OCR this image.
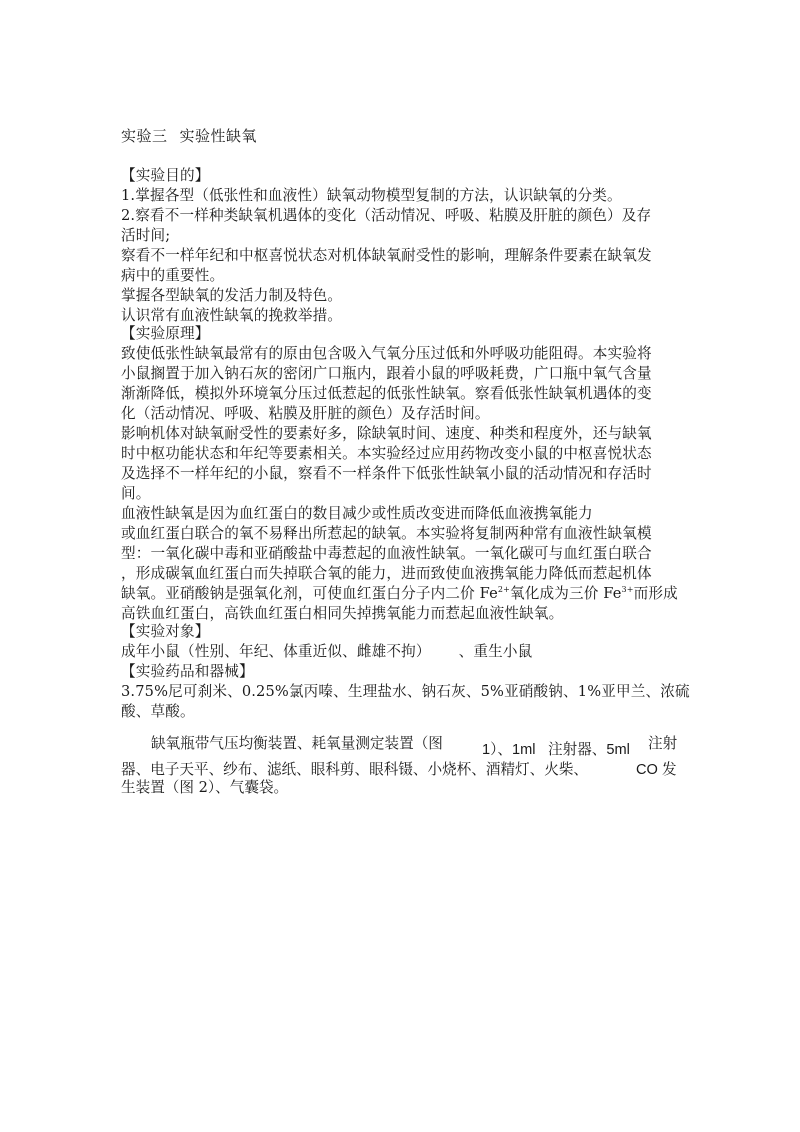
实验三 实验性缺氧
【实验目的】
1.掌握各型（低张性和血液性）缺氧动物模型复制的方法，认识缺氧的分类。
2.察看不一样种类缺氧机遇体的变化（活动情况、呼吸、粘膜及肝脏的颜色）及存
活时间;
察看不一样年纪和中枢喜悦状态对机体缺氧耐受性的影响，理解条件要素在缺氧发
病中的重要性。
掌握各型缺氧的发活力制及特色。
认识常有血液性缺氧的挽救举措。
【实验原理】
致使低张性缺氧最常有的原由包含吸入气氧分压过低和外呼吸功能阻碍。本实验将
小鼠搁置于加入钠石灰的密闭广口瓶内，跟着小鼠的呼吸耗费，广口瓶中氧气含量
渐渐降低，模拟外环境氧分压过低惹起的低张性缺氧。察看低张性缺氧机遇体的变
化（活动情况、呼吸、粘膜及肝脏的颜色）及存活时间。
影响机体对缺氧耐受性的要素好多，除缺氧时间、速度、种类和程度外，还与缺氧
时中枢功能状态和年纪等要素相关。本实验经过应用药物改变小鼠的中枢喜悦状态
及选择不一样年纪的小鼠，察看不一样条件下低张性缺氧小鼠的活动情况和存活时
间。
血液性缺氧是因为血红蛋白的数目减少或性质改变进而降低血液携氧能力
或血红蛋白联合的氧不易释出所惹起的缺氧。本实验将复制两种常有血液性缺氧模
型：一氧化碳中毒和亚硝酸盐中毒惹起的血液性缺氧。一氧化碳可与血红蛋白联合
，形成碳氧血红蛋白而失掉联合氧的能力，进而致使血液携氧能力降低而惹起机体
缺氧。亚硝酸钠是强氧化剂，可使血红蛋白分子内二价 $Fe^{2+}$氧化成为三价 $Fe^{3+}$而形成
高铁血红蛋白，高铁血红蛋白相同失掉携氧能力而惹起血液性缺氧。
【实验对象】
成年小鼠（性别、年纪、体重近似、雌雄不拘） 、重生小鼠
【实验药品和器械】
3.75%尼可刹米、0.25%氯丙嗪、生理盐水、钠石灰、5%亚硝酸钠、1%亚甲兰、浓硫
酸、草酸。
缺氧瓶带气压均衡装置、耗氧量测定装置（图	1）、1ml 注射器、5ml 注射
器、电子天平、纱布、滤纸、眼科剪、眼科镊、小烧杯、酒精灯、火柴、	CO 发
生装置（图 2）、气囊袋。
